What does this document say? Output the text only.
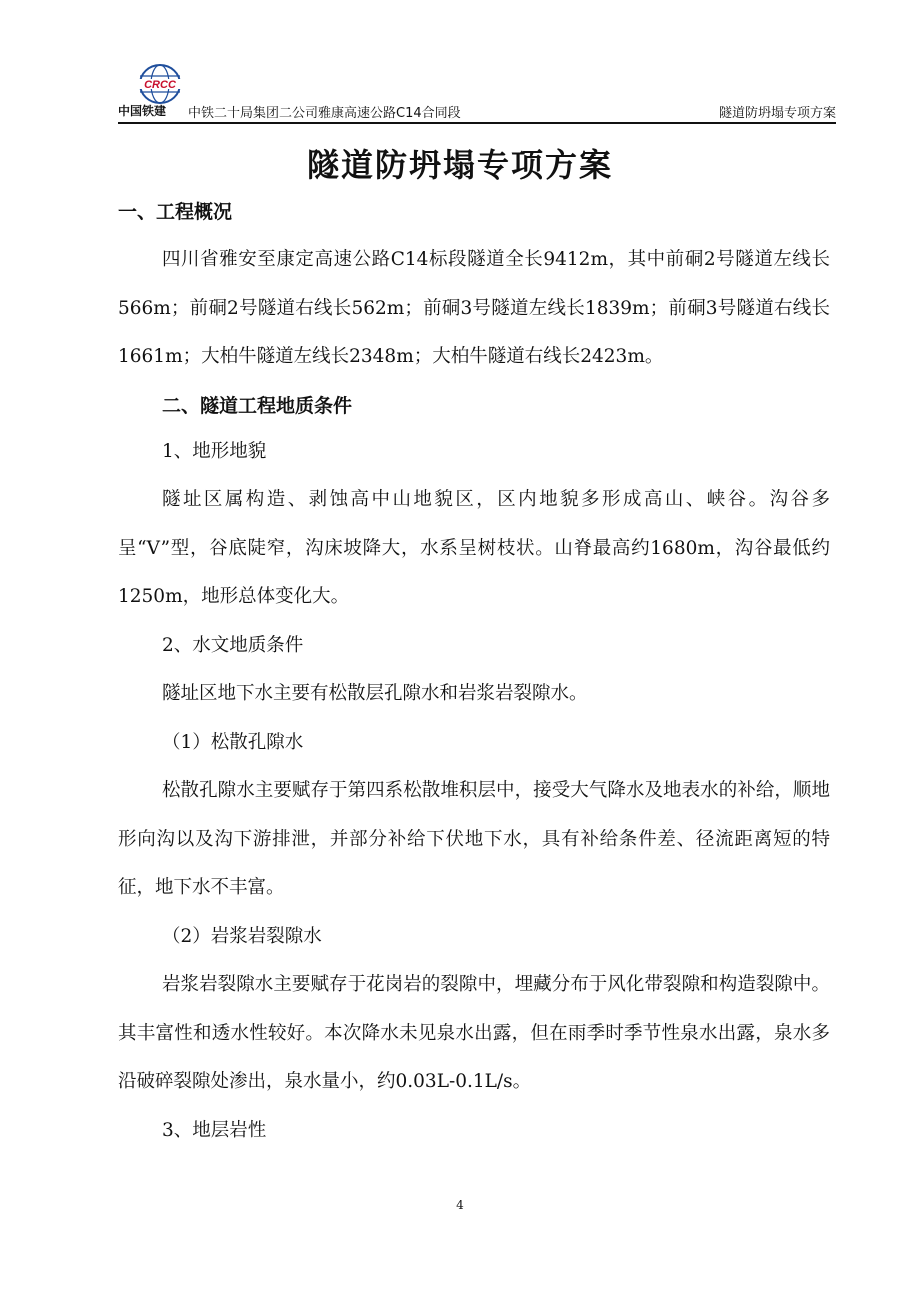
CRCC
中国铁建 中铁二十局集团二公司雅康高速公路C14合同段	隧道防坍塌专项方案
隧道防坍塌专项方案
一、工程概况

四川省雅安至康定高速公路C14标段隧道全长9412m，其中前硐2号隧道左线长566m；前硐2号隧道右线长562m；前硐3号隧道左线长1839m；前硐3号隧道右线长1661m；大柏牛隧道左线长2348m；大柏牛隧道右线长2423m。

二、隧道工程地质条件

1、地形地貌

隧址区属构造、剥蚀高中山地貌区，区内地貌多形成高山、峡谷。沟谷多呈“V”型，谷底陡窄，沟床坡降大，水系呈树枝状。山脊最高约1680m，沟谷最低约1250m，地形总体变化大。

2、水文地质条件

隧址区地下水主要有松散层孔隙水和岩浆岩裂隙水。

（1）松散孔隙水

松散孔隙水主要赋存于第四系松散堆积层中，接受大气降水及地表水的补给，顺地形向沟以及沟下游排泄，并部分补给下伏地下水，具有补给条件差、径流距离短的特征，地下水不丰富。

（2）岩浆岩裂隙水

岩浆岩裂隙水主要赋存于花岗岩的裂隙中，埋藏分布于风化带裂隙和构造裂隙中。其丰富性和透水性较好。本次降水未见泉水出露，但在雨季时季节性泉水出露，泉水多沿破碎裂隙处渗出，泉水量小，约0.03L-0.1L/s。

3、地层岩性

4
